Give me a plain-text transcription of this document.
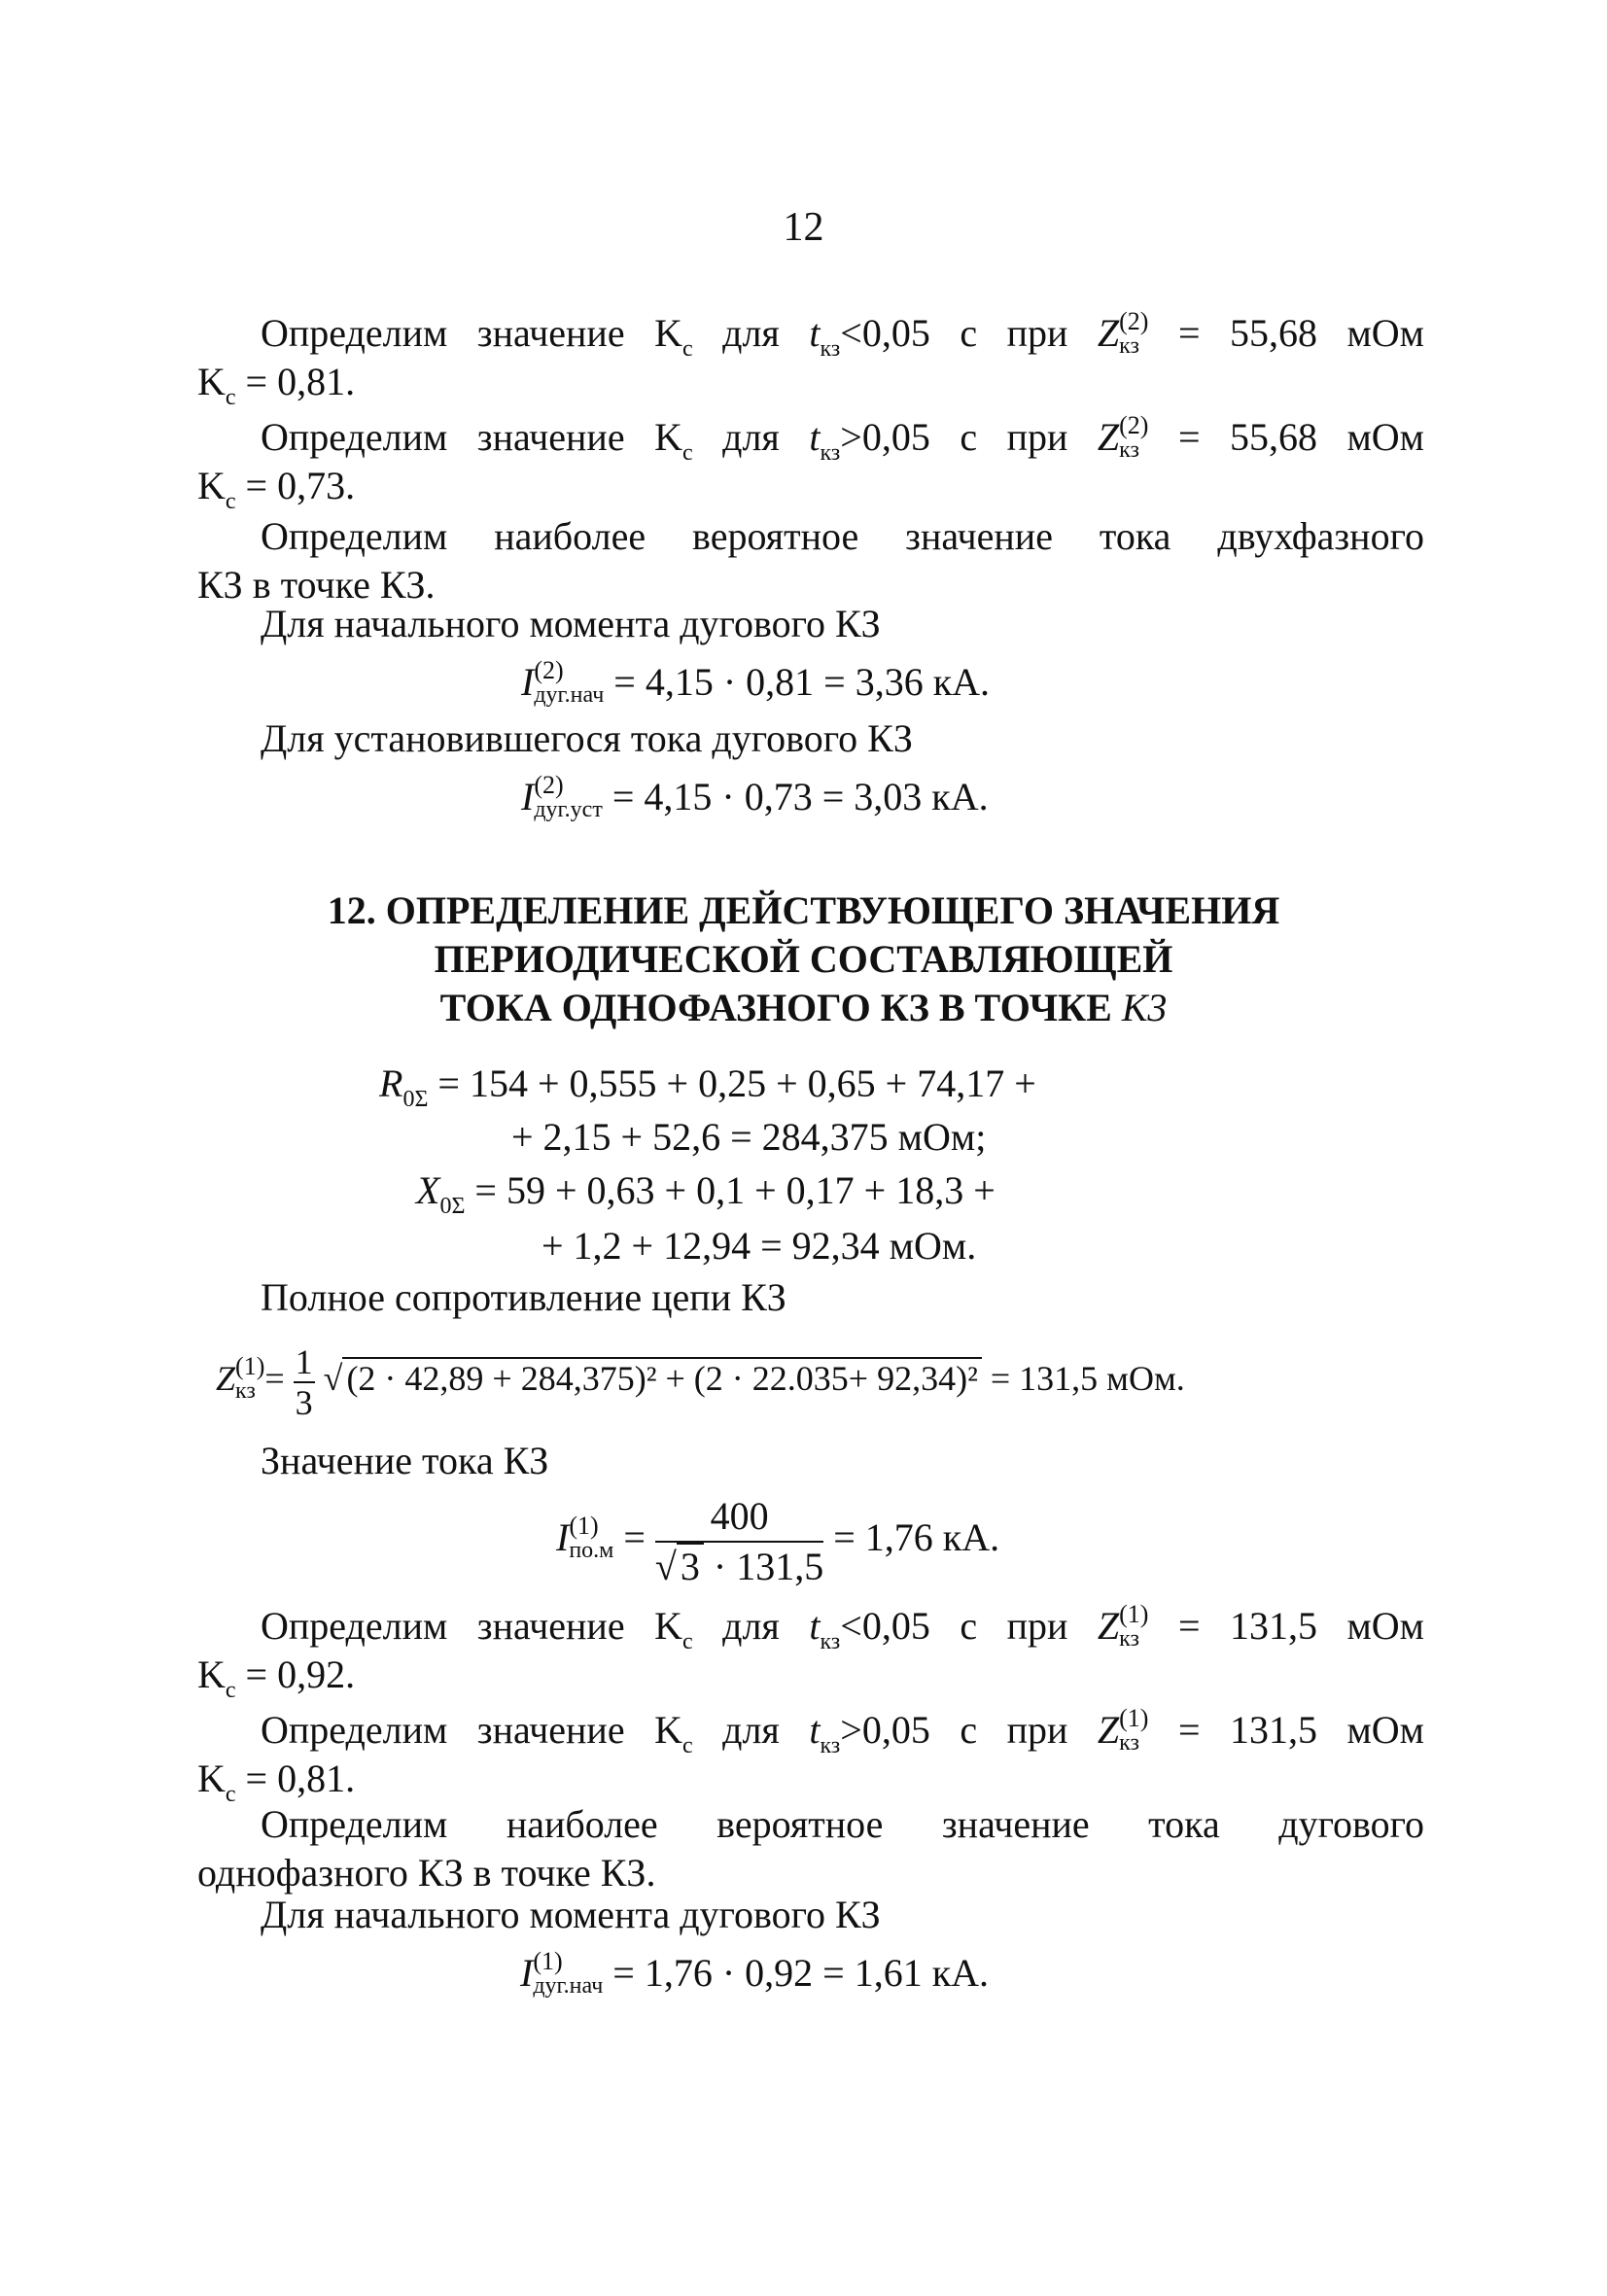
12
Определим значение $K_c$ для $t_{кз}<0,05$ с при Z (2)
кз = 55,68 мОм
$K_c = 0,81$.
Определим значение $K_c$ для $t_{кз}>0,05$ с при Z (2)
кз = 55,68 мОм
$K_c = 0,73$.
Определим наиболее вероятное значение тока двухфазного
КЗ в точке КЗ.
Для начального момента дугового КЗ
I (2)
дуг.нач = 4,15 · 0,81 = 3,36 кА.
Для установившегося тока дугового КЗ
I (2)
дуг.уст = 4,15 · 0,73 = 3,03 кА.
12. ОПРЕДЕЛЕНИЕ ДЕЙСТВУЮЩЕГО ЗНАЧЕНИЯ
ПЕРИОДИЧЕСКОЙ СОСТАВЛЯЮЩЕЙ
ТОКА ОДНОФАЗНОГО КЗ В ТОЧКЕ К3
$R_{0\Sigma} = 154 + 0,555 + 0,25 + 0,65 + 74,17$ +
+ 2,15 + 52,6 = 284,375 мОм;
$X_{0\Sigma} = 59 + 0,63 + 0,1 + 0,17 + 18,3$ +
+ 1,2 + 12,94 = 92,34 мОм.
Полное сопротивление цепи КЗ
Z (1)
кз = $\frac{1}{3}$ √ (2 · 42,89 + 284,375)² + (2 · 22.035+ 92,34)² = 131,5 мОм.
Значение тока КЗ
I (1)
$по.м = \frac{400}{√ 3 \cdot 131,5} = 1,76$ кА.
Определим значение $K_c$ для $t_{кз}<0,05$ с при Z (1)
кз = 131,5 мОм
$K_c = 0,92$.
Определим значение $K_c$ для $t_{кз}>0,05$ с при Z (1)
кз = 131,5 мОм
$K_c = 0,81$.
Определим наиболее вероятное значение тока дугового
однофазного КЗ в точке КЗ.
Для начального момента дугового КЗ
I (1)
дуг.нач = 1,76 · 0,92 = 1,61 кА.
